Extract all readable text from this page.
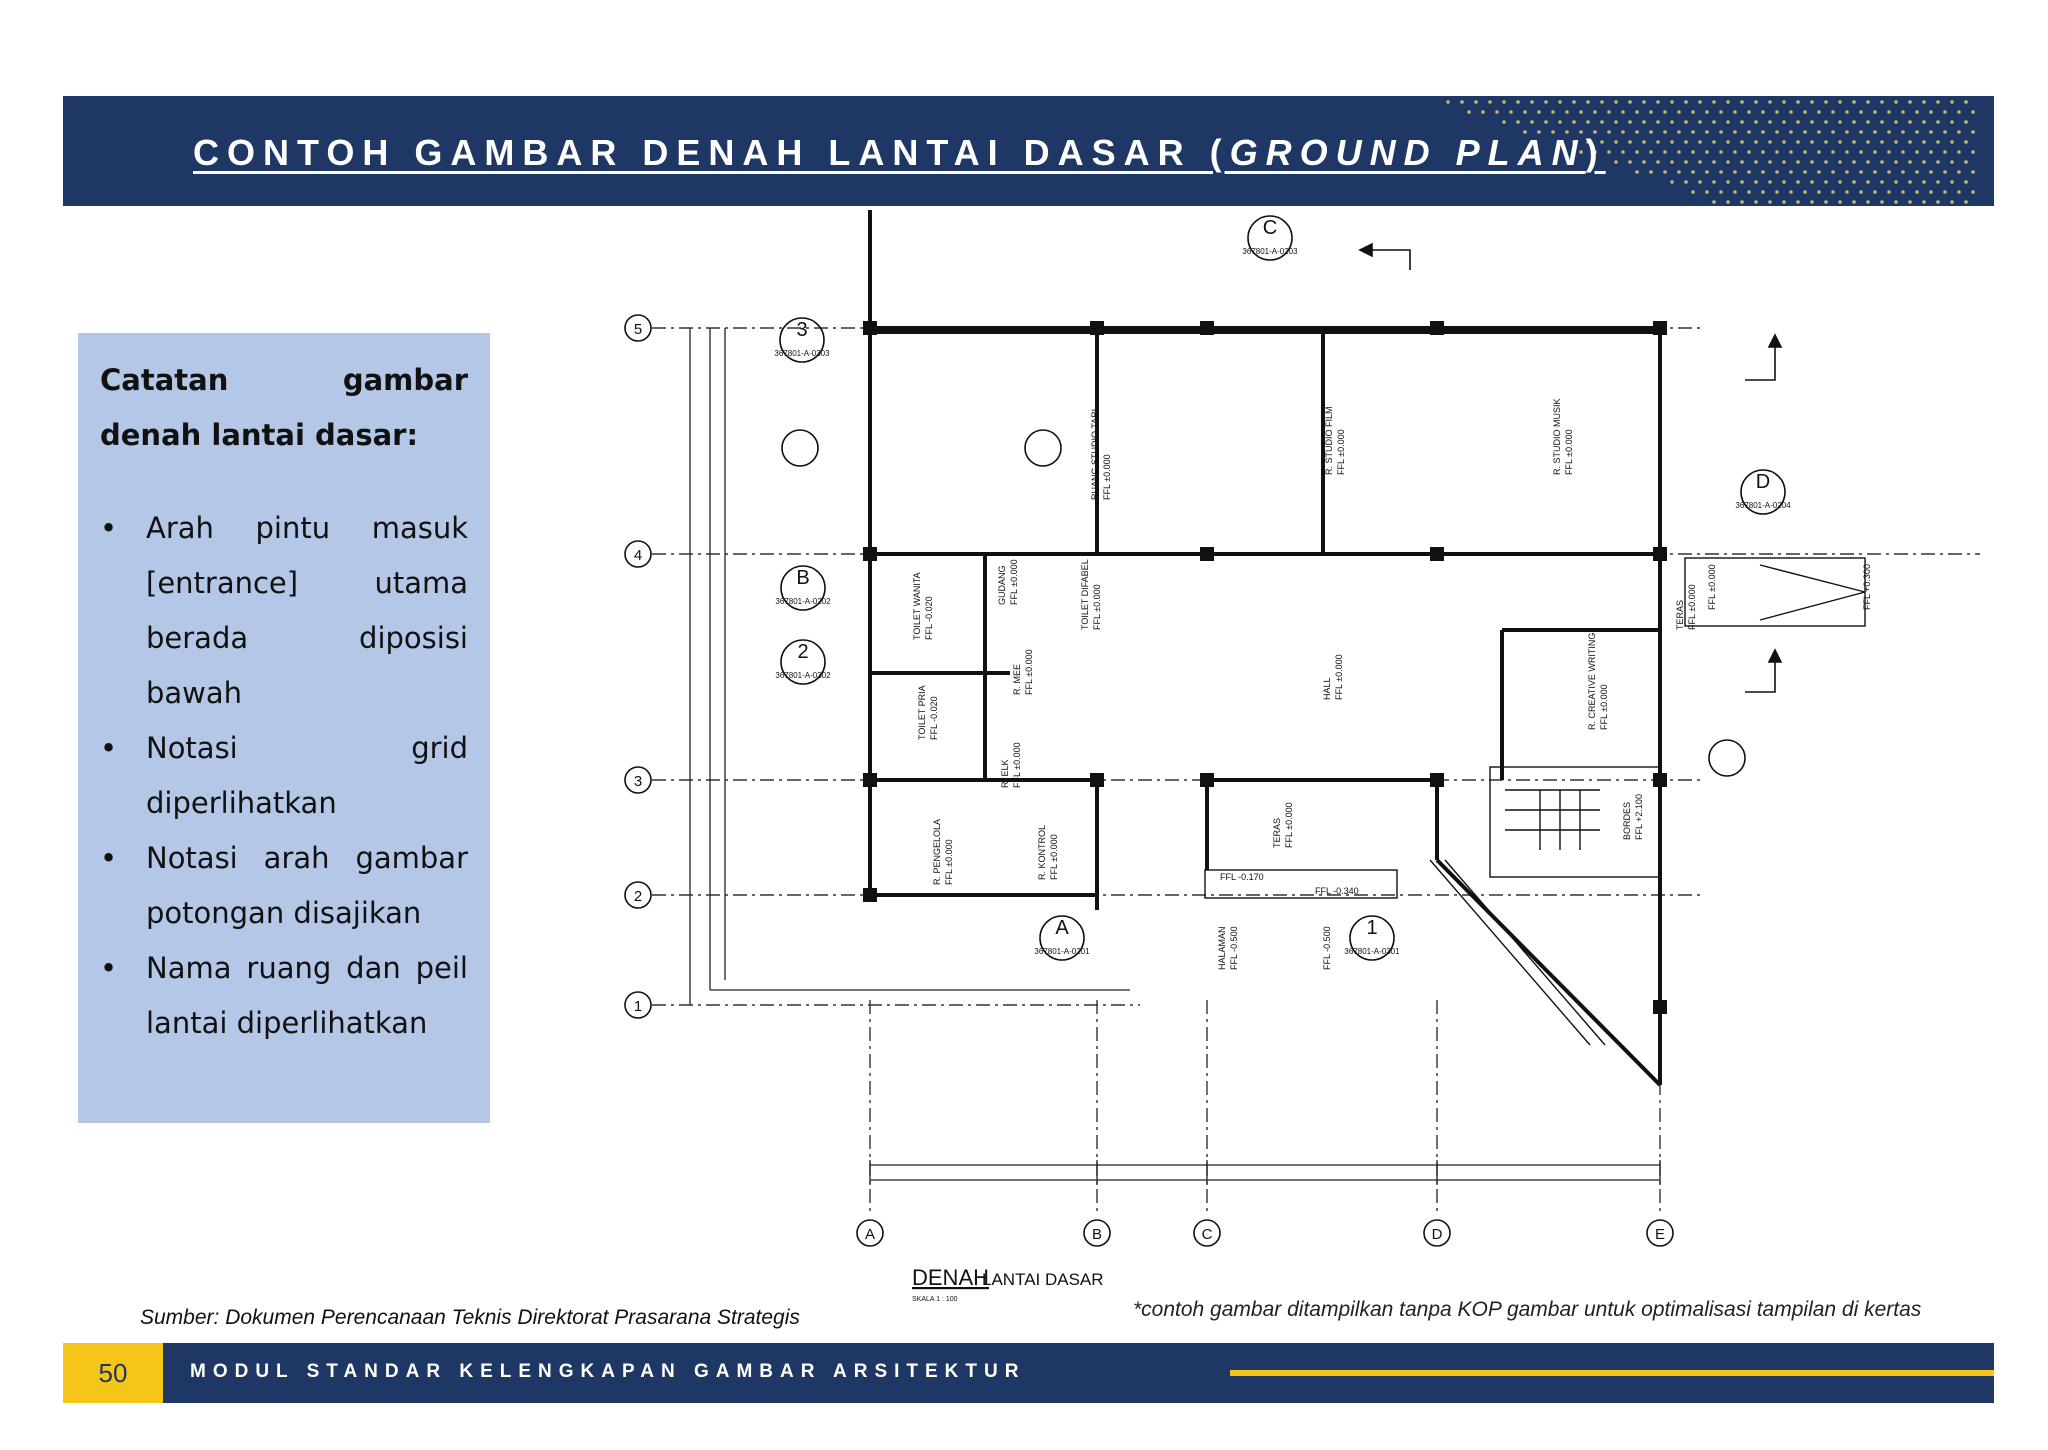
CONTOH GAMBAR DENAH LANTAI DASAR (GROUND PLAN)

Catatan gambar denah lantai dasar:

• Arah pintu masuk [entrance] utama berada diposisi bawah
• Notasi grid diperlihatkan
• Notasi arah gambar potongan disajikan
• Nama ruang dan peil lantai diperlihatkan
5
4
3
2
1
A	B	C	D	E
3
367801-A-0303
B
367801-A-0202
2
367801-A-0302
C
367801-A-0203
D
367801-A-0204
A
367801-A-0201
1
367801-A-0301
RUANG STUDIO TARI FFL ±0.000
R. STUDIO FILM FFL ±0.000	R. STUDIO MUSIK FFL ±0.000
HALL FFL ±0.000	R. CREATIVE WRITING FFL ±0.000
TOILET DIFABEL FFL ±0.000
GUDANG FFL ±0.000
TOILET WANITA FFL -0.020
TOILET PRIA FFL -0.020
R. MEE FFL ±0.000
R. ELK FFL ±0.000
R. PENGELOLA FFL ±0.000	R. KONTROL FFL ±0.000
TERAS FFL ±0.000
TERAS FFL ±0.000
BORDES FFL +2.100
FFL -0.170
FFL -0.340
HALAMAN FFL -0.500	FFL -0.500
FFL +0.300
FFL ±0.000
DENAH
LANTAI DASAR
SKALA 1 : 100
Sumber: Dokumen Perencanaan Teknis Direktorat Prasarana Strategis	*contoh gambar ditampilkan tanpa KOP gambar untuk optimalisasi tampilan di kertas
50	MODUL STANDAR KELENGKAPAN GAMBAR ARSITEKTUR
